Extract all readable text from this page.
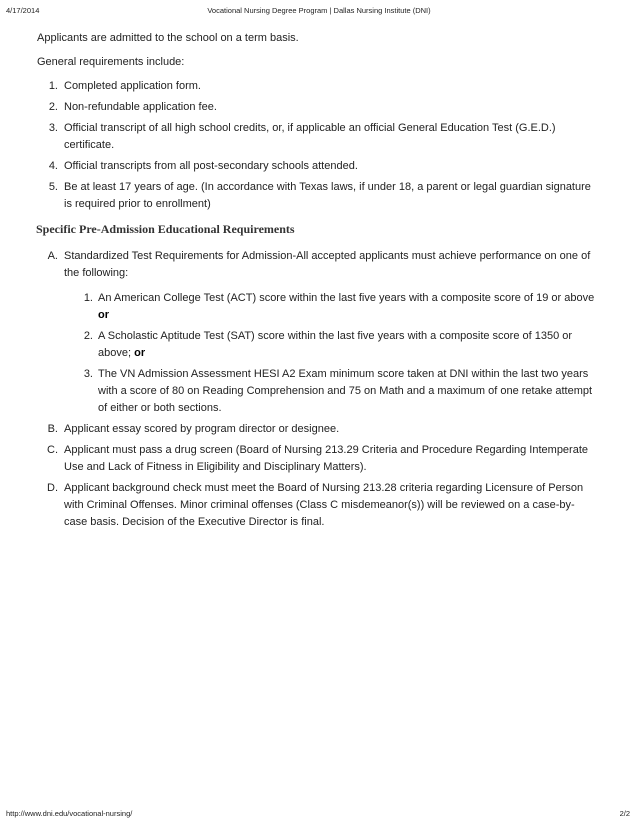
4/17/2014	Vocational Nursing Degree Program | Dallas Nursing Institute (DNI)

Applicants are admitted to the school on a term basis.

General requirements include:

1. Completed application form.
2. Non-refundable application fee.
3. Official transcript of all high school credits, or, if applicable an official General Education Test (G.E.D.) certificate.
4. Official transcripts from all post-secondary schools attended.
5. Be at least 17 years of age. (In accordance with Texas laws, if under 18, a parent or legal guardian signature is required prior to enrollment)
Specific Pre-Admission Educational Requirements
A. Standardized Test Requirements for Admission-All accepted applicants must achieve performance on one of the following:
1. An American College Test (ACT) score within the last five years with a composite score of 19 or above or
2. A Scholastic Aptitude Test (SAT) score within the last five years with a composite score of 1350 or above; or
3. The VN Admission Assessment HESI A2 Exam minimum score taken at DNI within the last two years with a score of 80 on Reading Comprehension and 75 on Math and a maximum of one retake attempt of either or both sections.
B. Applicant essay scored by program director or designee.
C. Applicant must pass a drug screen (Board of Nursing 213.29 Criteria and Procedure Regarding Intemperate Use and Lack of Fitness in Eligibility and Disciplinary Matters).
D. Applicant background check must meet the Board of Nursing 213.28 criteria regarding Licensure of Person with Criminal Offenses. Minor criminal offenses (Class C misdemeanor(s)) will be reviewed on a case-by-case basis. Decision of the Executive Director is final.
http://www.dni.edu/vocational-nursing/	2/2
